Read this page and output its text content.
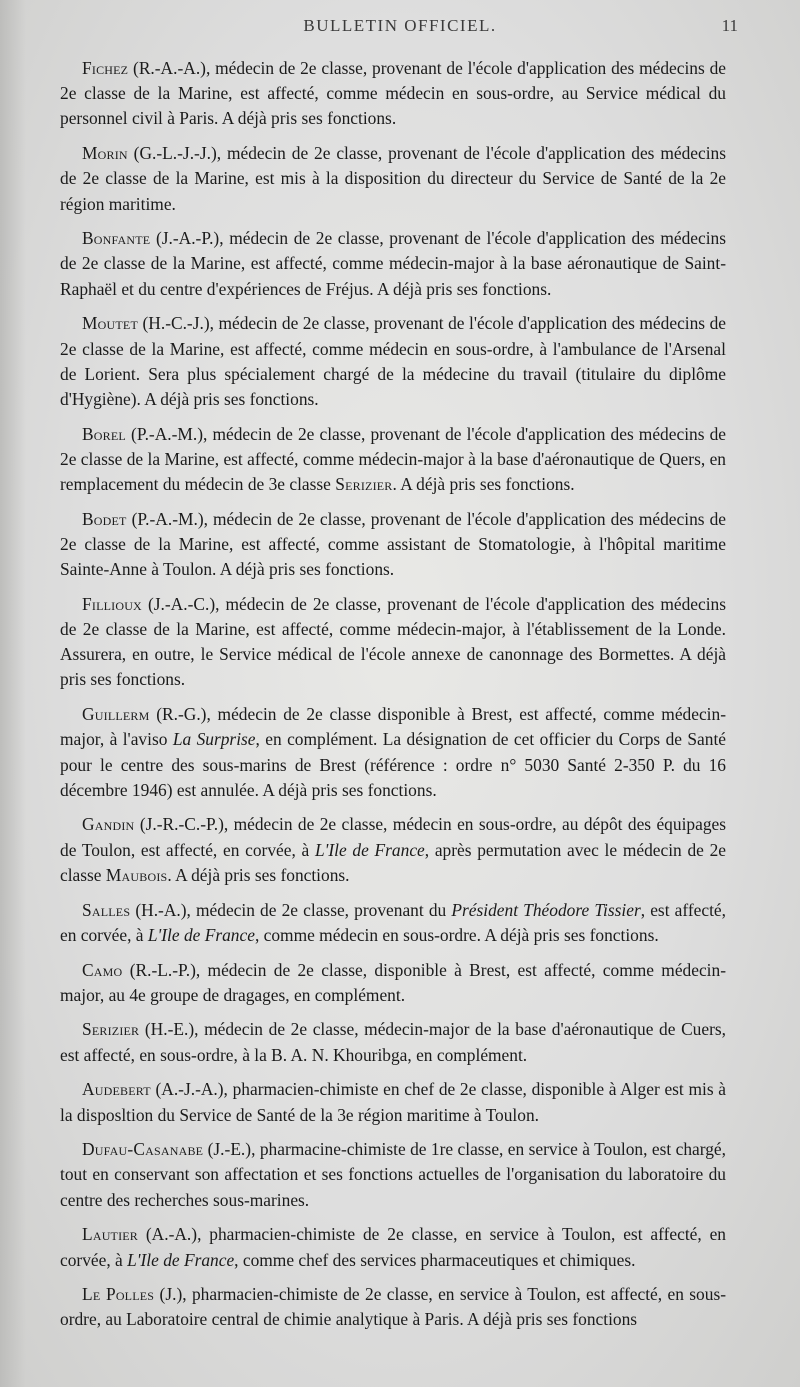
BULLETIN OFFICIEL.	11

Fichez (R.-A.-A.), médecin de 2e classe, provenant de l'école d'application des médecins de 2e classe de la Marine, est affecté, comme médecin en sous-ordre, au Service médical du personnel civil à Paris. A déjà pris ses fonctions.

Morin (G.-L.-J.-J.), médecin de 2e classe, provenant de l'école d'application des médecins de 2e classe de la Marine, est mis à la disposition du directeur du Service de Santé de la 2e région maritime.

Bonfante (J.-A.-P.), médecin de 2e classe, provenant de l'école d'application des médecins de 2e classe de la Marine, est affecté, comme médecin-major à la base aéronautique de Saint-Raphaël et du centre d'expériences de Fréjus. A déjà pris ses fonctions.

Moutet (H.-C.-J.), médecin de 2e classe, provenant de l'école d'application des médecins de 2e classe de la Marine, est affecté, comme médecin en sous-ordre, à l'ambulance de l'Arsenal de Lorient. Sera plus spécialement chargé de la médecine du travail (titulaire du diplôme d'Hygiène). A déjà pris ses fonctions.

Borel (P.-A.-M.), médecin de 2e classe, provenant de l'école d'application des médecins de 2e classe de la Marine, est affecté, comme médecin-major à la base d'aéronautique de Quers, en remplacement du médecin de 3e classe Serizier. A déjà pris ses fonctions.

Bodet (P.-A.-M.), médecin de 2e classe, provenant de l'école d'application des médecins de 2e classe de la Marine, est affecté, comme assistant de Stomatologie, à l'hôpital maritime Sainte-Anne à Toulon. A déjà pris ses fonctions.

Fillioux (J.-A.-C.), médecin de 2e classe, provenant de l'école d'application des médecins de 2e classe de la Marine, est affecté, comme médecin-major, à l'établissement de la Londe. Assurera, en outre, le Service médical de l'école annexe de canonnage des Bormettes. A déjà pris ses fonctions.

Guillerm (R.-G.), médecin de 2e classe disponible à Brest, est affecté, comme médecin-major, à l'aviso La Surprise, en complément. La désignation de cet officier du Corps de Santé pour le centre des sous-marins de Brest (référence : ordre n° 5030 Santé 2-350 P. du 16 décembre 1946) est annulée. A déjà pris ses fonctions.

Gandin (J.-R.-C.-P.), médecin de 2e classe, médecin en sous-ordre, au dépôt des équipages de Toulon, est affecté, en corvée, à L'Ile de France, après permutation avec le médecin de 2e classe Maubois. A déjà pris ses fonctions.

Salles (H.-A.), médecin de 2e classe, provenant du Président Théodore Tissier, est affecté, en corvée, à L'Ile de France, comme médecin en sous-ordre. A déjà pris ses fonctions.

Camo (R.-L.-P.), médecin de 2e classe, disponible à Brest, est affecté, comme médecin-major, au 4e groupe de dragages, en complément.

Serizier (H.-E.), médecin de 2e classe, médecin-major de la base d'aéronautique de Cuers, est affecté, en sous-ordre, à la B. A. N. Khouribga, en complément.

Audebert (A.-J.-A.), pharmacien-chimiste en chef de 2e classe, disponible à Alger est mis à la disposltion du Service de Santé de la 3e région maritime à Toulon.

Dufau-Casanabe (J.-E.), pharmacine-chimiste de 1re classe, en service à Toulon, est chargé, tout en conservant son affectation et ses fonctions actuelles de l'organisation du laboratoire du centre des recherches sous-marines.

Lautier (A.-A.), pharmacien-chimiste de 2e classe, en service à Toulon, est affecté, en corvée, à L'Ile de France, comme chef des services pharmaceutiques et chimiques.

Le Polles (J.), pharmacien-chimiste de 2e classe, en service à Toulon, est affecté, en sous-ordre, au Laboratoire central de chimie analytique à Paris. A déjà pris ses fonctions
